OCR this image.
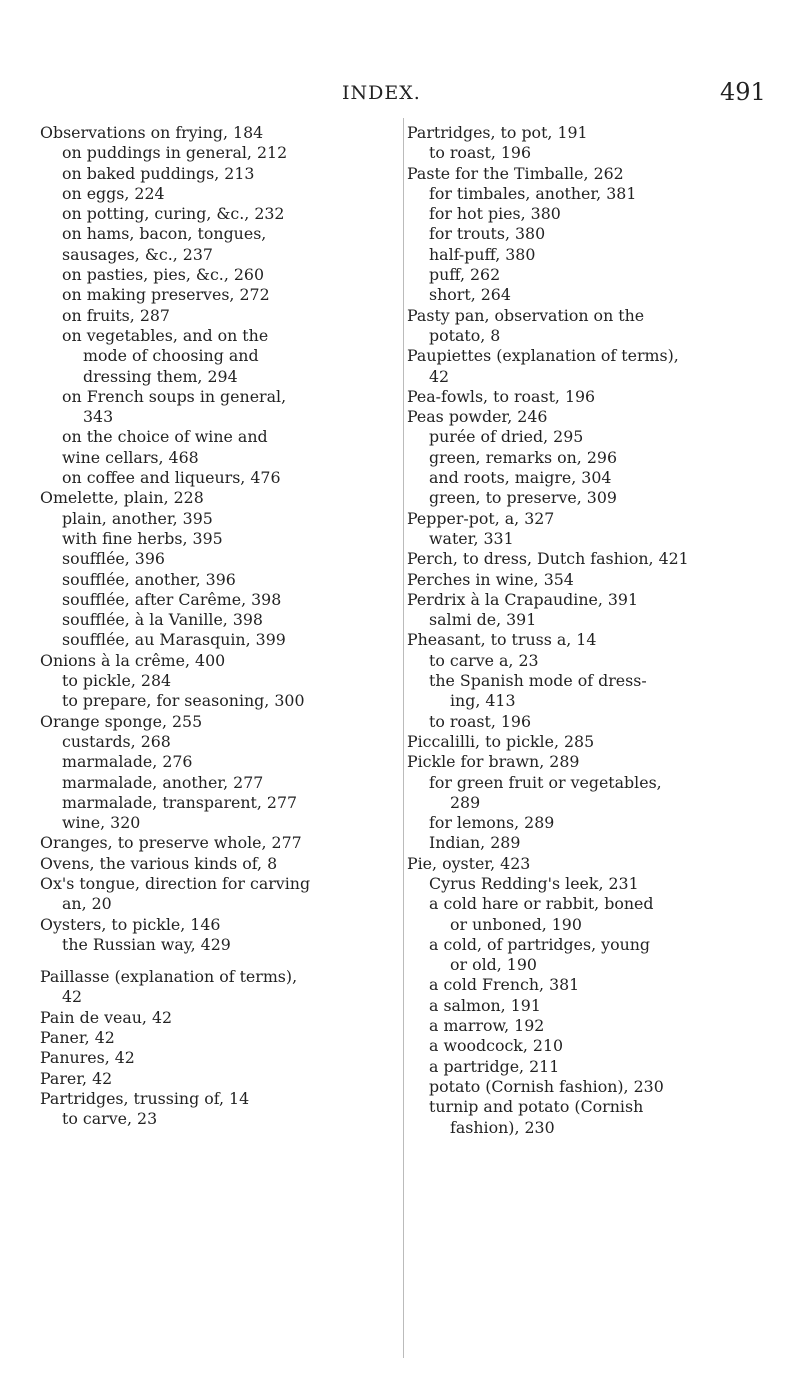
INDEX.	491
Observations on frying, 184
on puddings in general, 212
on baked puddings, 213
on eggs, 224
on potting, curing, &c., 232
on hams, bacon, tongues,
sausages, &c., 237
on pasties, pies, &c., 260
on making preserves, 272
on fruits, 287
on vegetables, and on the
mode of choosing and
dressing them, 294
on French soups in general,
343
on the choice of wine and
wine cellars, 468
on coffee and liqueurs, 476
Omelette, plain, 228
plain, another, 395
with fine herbs, 395
soufflée, 396
soufflée, another, 396
soufflée, after Carême, 398
soufflée, à la Vanille, 398
soufflée, au Marasquin, 399
Onions à la crême, 400
to pickle, 284
to prepare, for seasoning, 300
Orange sponge, 255
custards, 268
marmalade, 276
marmalade, another, 277
marmalade, transparent, 277
wine, 320
Oranges, to preserve whole, 277
Ovens, the various kinds of, 8
Ox's tongue, direction for carving
an, 20
Oysters, to pickle, 146
the Russian way, 429
Paillasse (explanation of terms),
42
Pain de veau, 42
Paner, 42
Panures, 42
Parer, 42
Partridges, trussing of, 14
to carve, 23
Partridges, to pot, 191
to roast, 196
Paste for the Timballe, 262
for timbales, another, 381
for hot pies, 380
for trouts, 380
half-puff, 380
puff, 262
short, 264
Pasty pan, observation on the
potato, 8
Paupiettes (explanation of terms),
42
Pea-fowls, to roast, 196
Peas powder, 246
purée of dried, 295
green, remarks on, 296
and roots, maigre, 304
green, to preserve, 309
Pepper-pot, a, 327
water, 331
Perch, to dress, Dutch fashion, 421
Perches in wine, 354
Perdrix à la Crapaudine, 391
salmi de, 391
Pheasant, to truss a, 14
to carve a, 23
the Spanish mode of dress-
ing, 413
to roast, 196
Piccalilli, to pickle, 285
Pickle for brawn, 289
for green fruit or vegetables,
289
for lemons, 289
Indian, 289
Pie, oyster, 423
Cyrus Redding's leek, 231
a cold hare or rabbit, boned
or unboned, 190
a cold, of partridges, young
or old, 190
a cold French, 381
a salmon, 191
a marrow, 192
a woodcock, 210
a partridge, 211
potato (Cornish fashion), 230
turnip and potato (Cornish
fashion), 230
